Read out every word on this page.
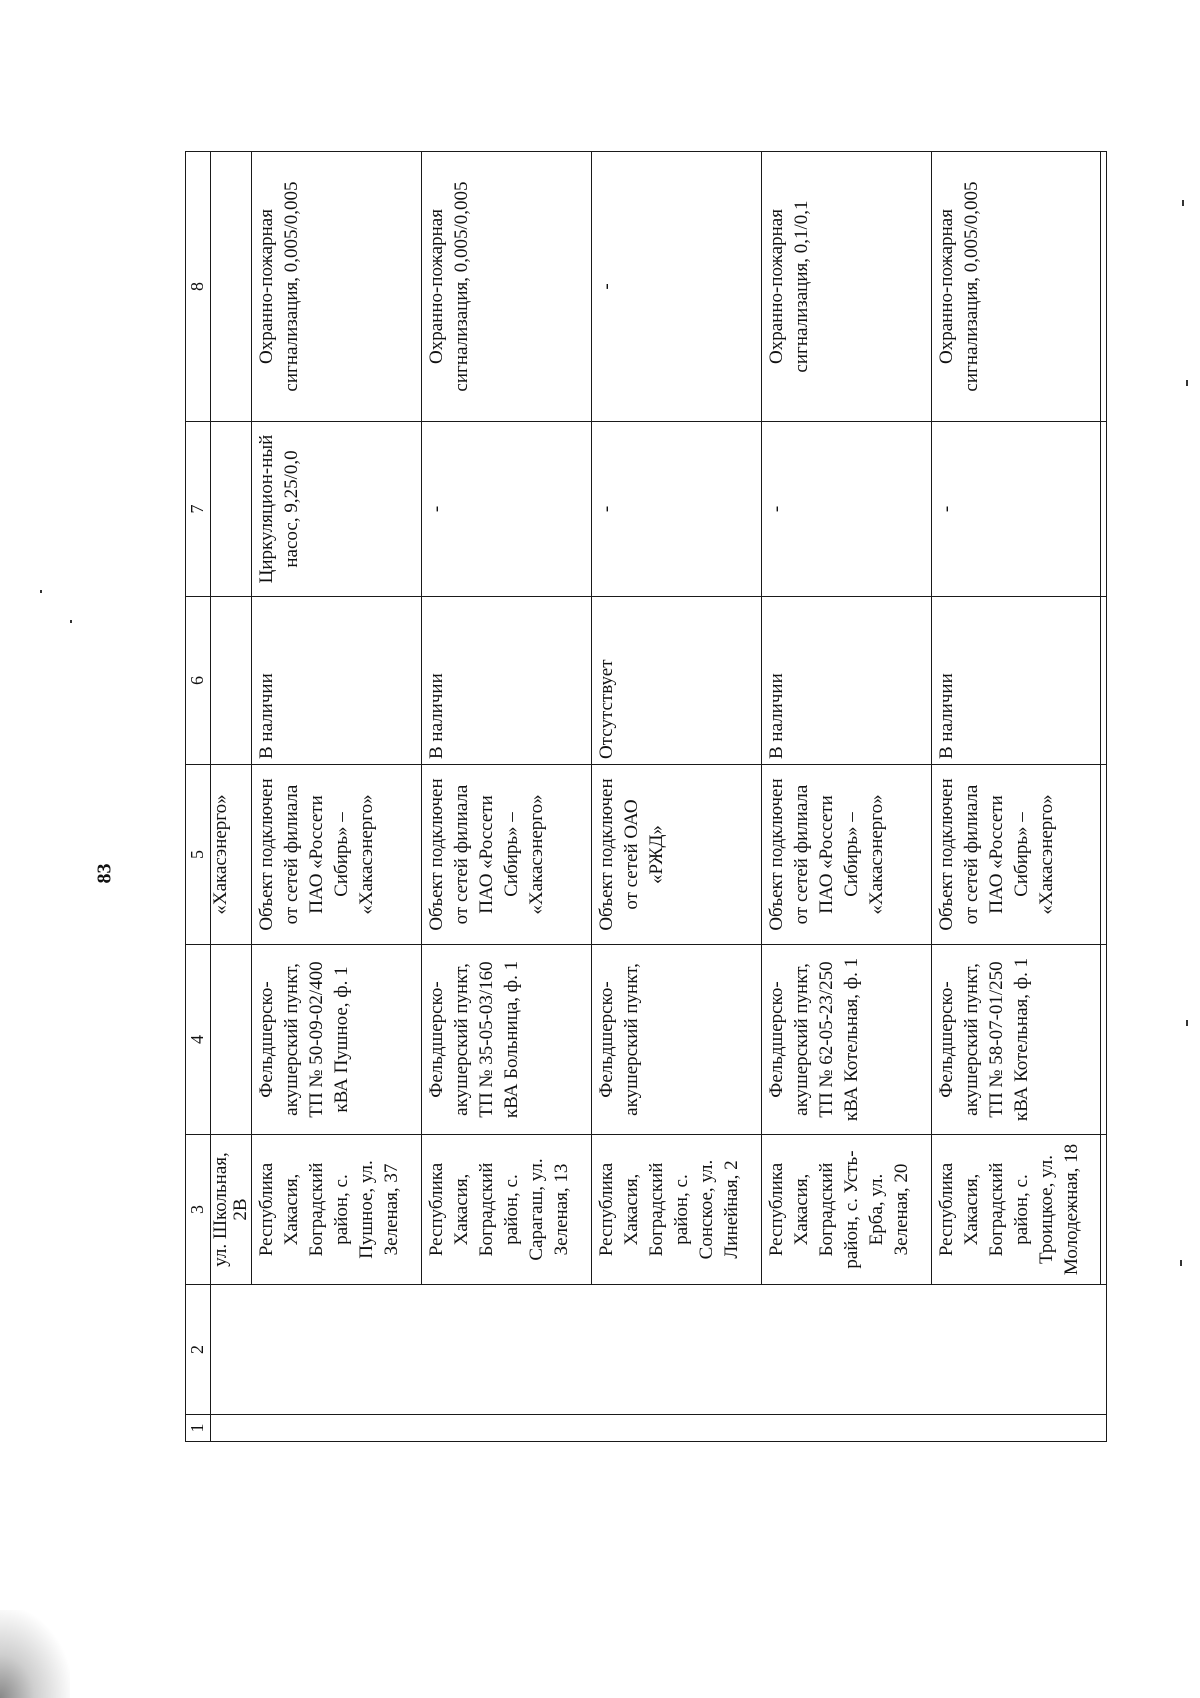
83
1	2	3	4	5	6	7	8
		ул. Школьная, 2В		«Хакасэнерго»			
		Республика Хакасия, Боградский район, с. Пушное, ул. Зеленая, 37	Фельдшерско-акушерский пункт, ТП № 50-09-02/400 кВА Пушное, ф. 1	Объект подключен от сетей филиала ПАО «Россети Сибирь» – «Хакасэнерго»	В наличии	Циркуляцион-ный насос, 9,25/0,0	Охранно-пожарная сигнализация, 0,005/0,005
		Республика Хакасия, Боградский район, с. Сарагаш, ул. Зеленая, 13	Фельдшерско-акушерский пункт, ТП № 35-05-03/160 кВА Больница, ф. 1	Объект подключен от сетей филиала ПАО «Россети Сибирь» – «Хакасэнерго»	В наличии	-	Охранно-пожарная сигнализация, 0,005/0,005
		Республика Хакасия, Боградский район, с. Сонское, ул. Линейная, 2	Фельдшерско-акушерский пункт,	Объект подключен от сетей ОАО «РЖД»	Отсутствует	-	-
		Республика Хакасия, Боградский район, с. Усть-Ерба, ул. Зеленая, 20	Фельдшерско-акушерский пункт, ТП № 62-05-23/250 кВА Котельная, ф. 1	Объект подключен от сетей филиала ПАО «Россети Сибирь» – «Хакасэнерго»	В наличии	-	Охранно-пожарная сигнализация, 0,1/0,1
		Республика Хакасия, Боградский район, с. Троицкое, ул. Молодежная, 18	Фельдшерско-акушерский пункт, ТП № 58-07-01/250 кВА Котельная, ф. 1	Объект подключен от сетей филиала ПАО «Россети Сибирь» – «Хакасэнерго»	В наличии	-	Охранно-пожарная сигнализация, 0,005/0,005
